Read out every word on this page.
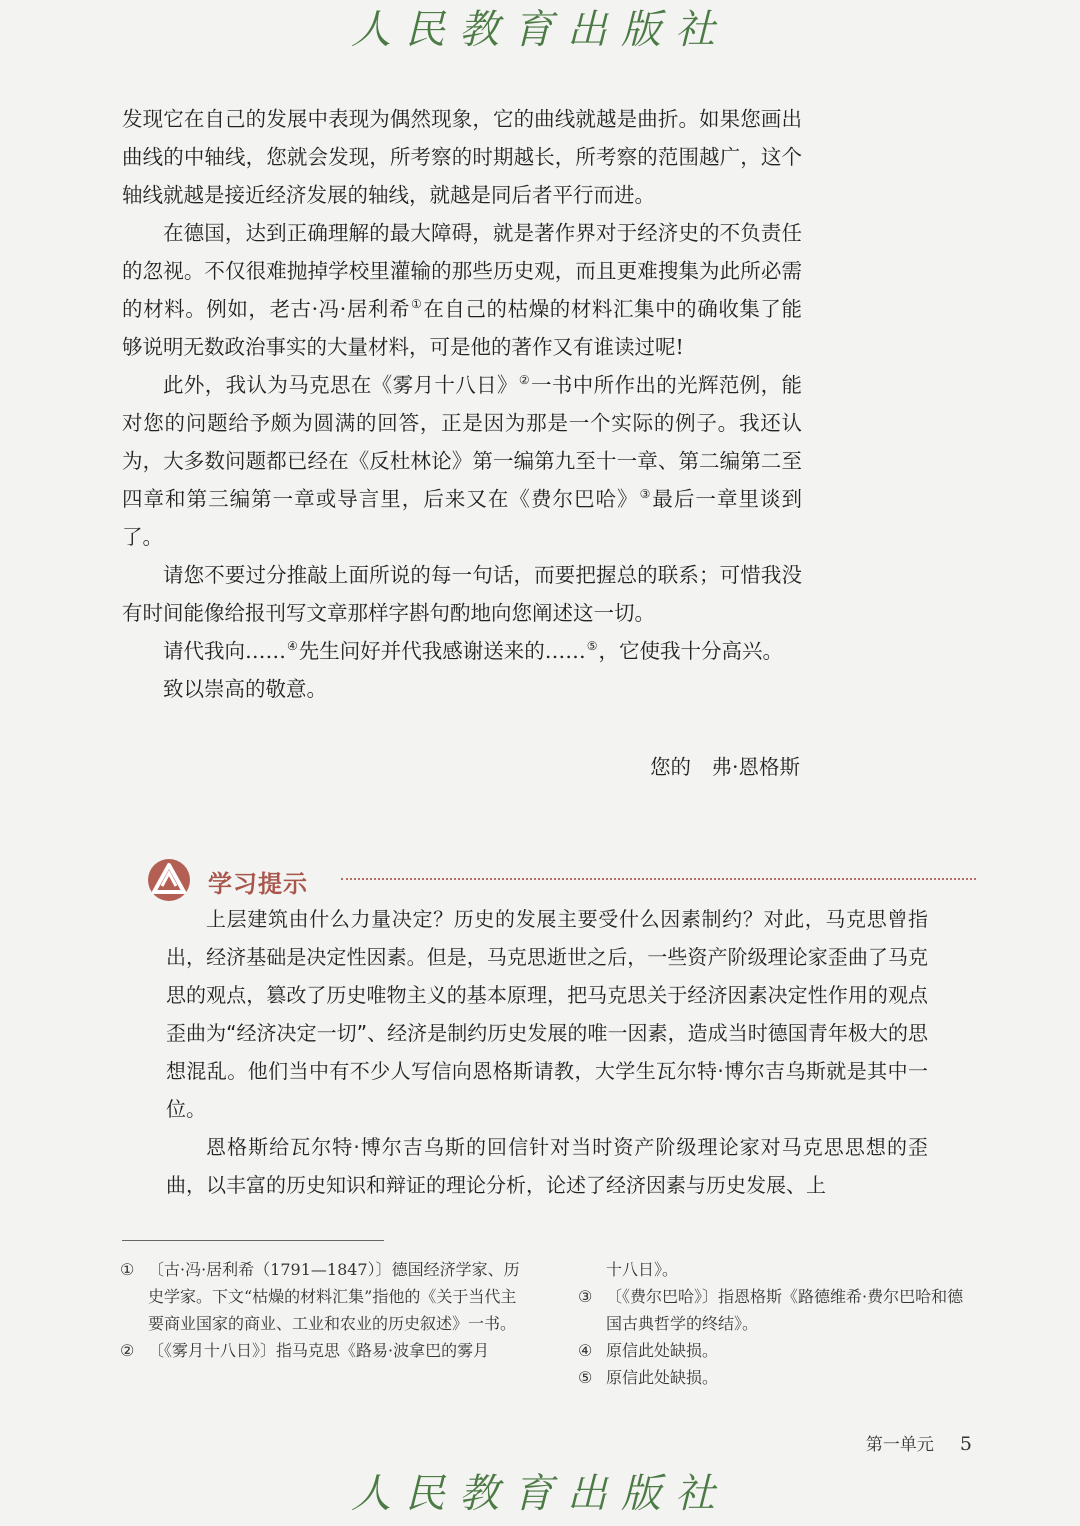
人民教育出版社

发现它在自己的发展中表现为偶然现象，它的曲线就越是曲折。如果您画出曲线的中轴线，您就会发现，所考察的时期越长，所考察的范围越广，这个轴线就越是接近经济发展的轴线，就越是同后者平行而进。

在德国，达到正确理解的最大障碍，就是著作界对于经济史的不负责任的忽视。不仅很难抛掉学校里灌输的那些历史观，而且更难搜集为此所必需的材料。例如，老古·冯·居利希①在自己的枯燥的材料汇集中的确收集了能够说明无数政治事实的大量材料，可是他的著作又有谁读过呢!

此外，我认为马克思在《雾月十八日》②一书中所作出的光辉范例，能对您的问题给予颇为圆满的回答，正是因为那是一个实际的例子。我还认为，大多数问题都已经在《反杜林论》第一编第九至十一章、第二编第二至四章和第三编第一章或导言里，后来又在《费尔巴哈》③最后一章里谈到了。

请您不要过分推敲上面所说的每一句话，而要把握总的联系；可惜我没有时间能像给报刊写文章那样字斟句酌地向您阐述这一切。

请代我向……④先生问好并代我感谢送来的……⑤，它使我十分高兴。

致以崇高的敬意。

您的　弗·恩格斯
学习提示

上层建筑由什么力量决定？历史的发展主要受什么因素制约？对此，马克思曾指出，经济基础是决定性因素。但是，马克思逝世之后，一些资产阶级理论家歪曲了马克思的观点，篡改了历史唯物主义的基本原理，把马克思关于经济因素决定性作用的观点歪曲为“经济决定一切”、经济是制约历史发展的唯一因素，造成当时德国青年极大的思想混乱。他们当中有不少人写信向恩格斯请教，大学生瓦尔特·博尔吉乌斯就是其中一位。

恩格斯给瓦尔特·博尔吉乌斯的回信针对当时资产阶级理论家对马克思思想的歪曲，以丰富的历史知识和辩证的理论分析，论述了经济因素与历史发展、上

① 〔古·冯·居利希（1791—1847）〕德国经济学家、历史学家。下文“枯燥的材料汇集”指他的《关于当代主要商业国家的商业、工业和农业的历史叙述》一书。

② 〔《雾月十八日》〕指马克思《路易·波拿巴的雾月

十八日》。

③ 〔《费尔巴哈》〕指恩格斯《路德维希·费尔巴哈和德国古典哲学的终结》。

④ 原信此处缺损。

⑤ 原信此处缺损。

第一单元 5
人民教育出版社
